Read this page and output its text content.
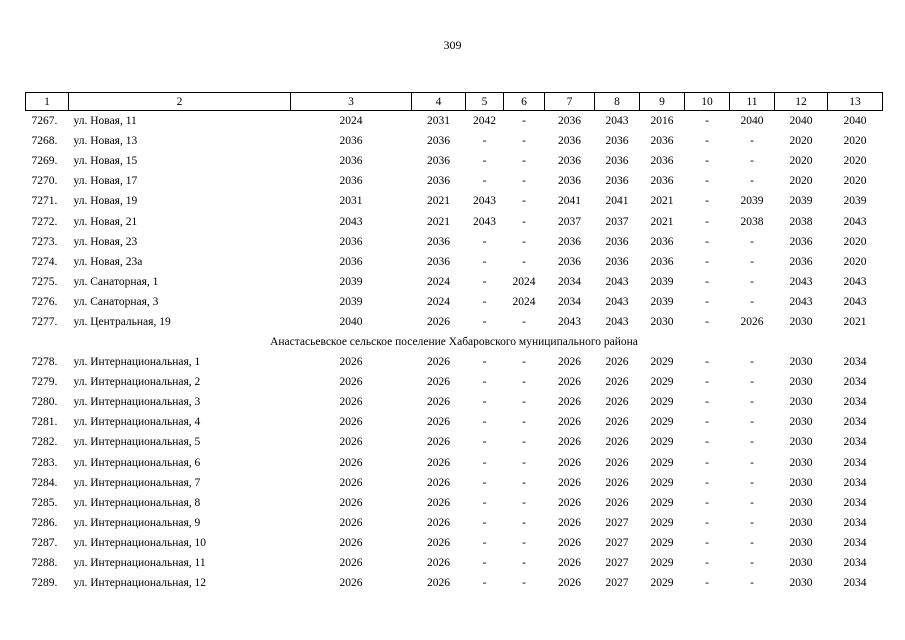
309
1	2	3	4	5	6	7	8	9	10	11	12	13
7267.	ул. Новая, 11	2024	2031	2042	-	2036	2043	2016	-	2040	2040	2040
7268.	ул. Новая, 13	2036	2036	-	-	2036	2036	2036	-	-	2020	2020
7269.	ул. Новая, 15	2036	2036	-	-	2036	2036	2036	-	-	2020	2020
7270.	ул. Новая, 17	2036	2036	-	-	2036	2036	2036	-	-	2020	2020
7271.	ул. Новая, 19	2031	2021	2043	-	2041	2041	2021	-	2039	2039	2039
7272.	ул. Новая, 21	2043	2021	2043	-	2037	2037	2021	-	2038	2038	2043
7273.	ул. Новая, 23	2036	2036	-	-	2036	2036	2036	-	-	2036	2020
7274.	ул. Новая, 23а	2036	2036	-	-	2036	2036	2036	-	-	2036	2020
7275.	ул. Санаторная, 1	2039	2024	-	2024	2034	2043	2039	-	-	2043	2043
7276.	ул. Санаторная, 3	2039	2024	-	2024	2034	2043	2039	-	-	2043	2043
7277.	ул. Центральная, 19	2040	2026	-	-	2043	2043	2030	-	2026	2030	2021
Анастасьевское сельское поселение Хабаровского муниципального района												
7278.	ул. Интернациональная, 1	2026	2026	-	-	2026	2026	2029	-	-	2030	2034
7279.	ул. Интернациональная, 2	2026	2026	-	-	2026	2026	2029	-	-	2030	2034
7280.	ул. Интернациональная, 3	2026	2026	-	-	2026	2026	2029	-	-	2030	2034
7281.	ул. Интернациональная, 4	2026	2026	-	-	2026	2026	2029	-	-	2030	2034
7282.	ул. Интернациональная, 5	2026	2026	-	-	2026	2026	2029	-	-	2030	2034
7283.	ул. Интернациональная, 6	2026	2026	-	-	2026	2026	2029	-	-	2030	2034
7284.	ул. Интернациональная, 7	2026	2026	-	-	2026	2026	2029	-	-	2030	2034
7285.	ул. Интернациональная, 8	2026	2026	-	-	2026	2026	2029	-	-	2030	2034
7286.	ул. Интернациональная, 9	2026	2026	-	-	2026	2027	2029	-	-	2030	2034
7287.	ул. Интернациональная, 10	2026	2026	-	-	2026	2027	2029	-	-	2030	2034
7288.	ул. Интернациональная, 11	2026	2026	-	-	2026	2027	2029	-	-	2030	2034
7289.	ул. Интернациональная, 12	2026	2026	-	-	2026	2027	2029	-	-	2030	2034
